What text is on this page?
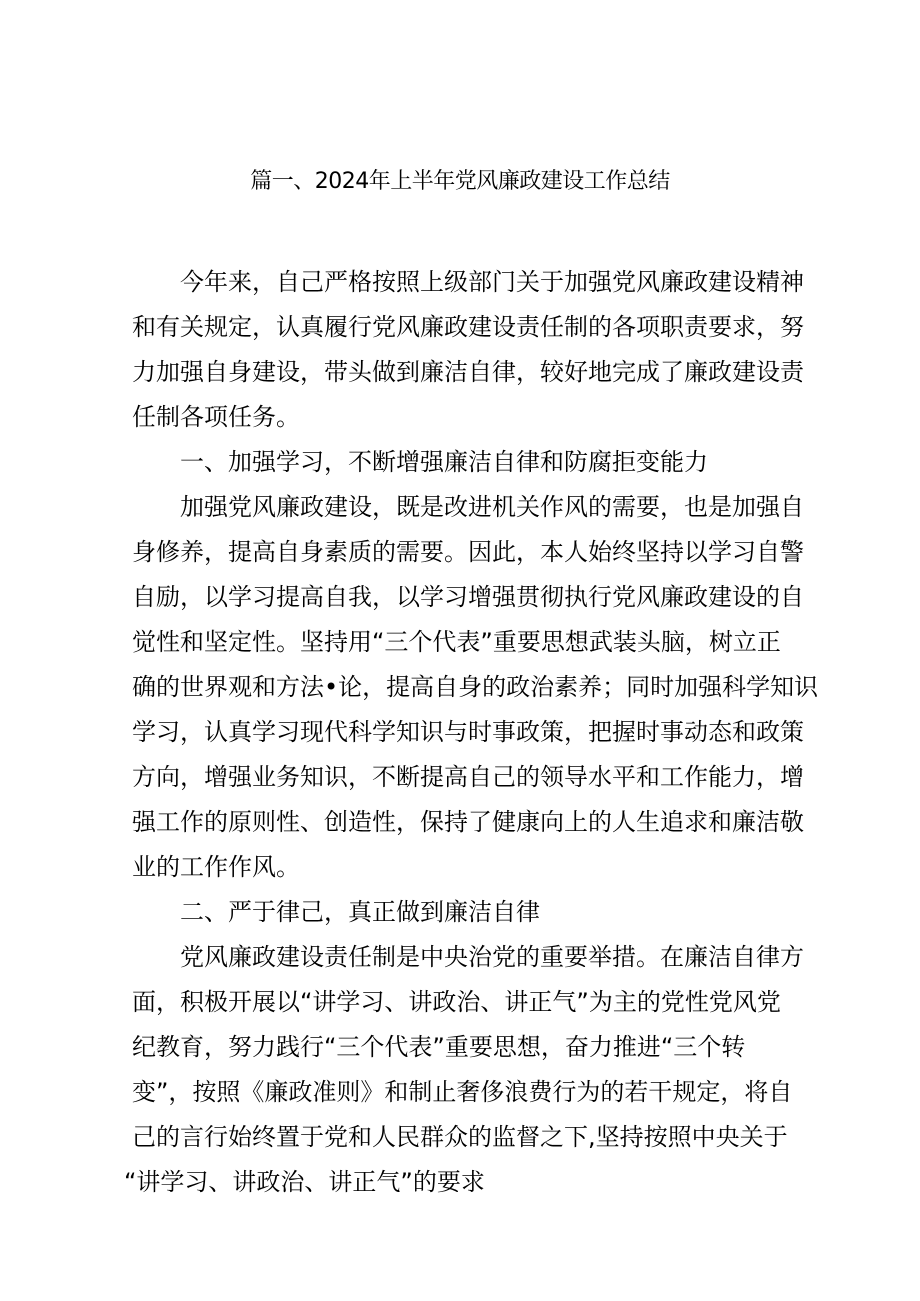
篇一、2024年上半年党风廉政建设工作总结
今年来，自己严格按照上级部门关于加强党风廉政建设精神
和有关规定，认真履行党风廉政建设责任制的各项职责要求，努
力加强自身建设，带头做到廉洁自律，较好地完成了廉政建设责
任制各项任务。
一、加强学习，不断增强廉洁自律和防腐拒变能力
加强党风廉政建设，既是改进机关作风的需要，也是加强自
身修养，提高自身素质的需要。因此，本人始终坚持以学习自警
自励，以学习提高自我，以学习增强贯彻执行党风廉政建设的自
觉性和坚定性。坚持用“三个代表”重要思想武装头脑，树立正
确的世界观和方法•论，提高自身的政治素养；同时加强科学知识
学习，认真学习现代科学知识与时事政策，把握时事动态和政策
方向，增强业务知识，不断提高自己的领导水平和工作能力，增
强工作的原则性、创造性，保持了健康向上的人生追求和廉洁敬
业的工作作风。
二、严于律己，真正做到廉洁自律
党风廉政建设责任制是中央治党的重要举措。在廉洁自律方
面，积极开展以“讲学习、讲政治、讲正气”为主的党性党风党
纪教育，努力践行“三个代表”重要思想，奋力推进“三个转
变”，按照《廉政准则》和制止奢侈浪费行为的若干规定，将自
己的言行始终置于党和人民群众的监督之下,坚持按照中央关于
“讲学习、讲政治、讲正气”的要求
